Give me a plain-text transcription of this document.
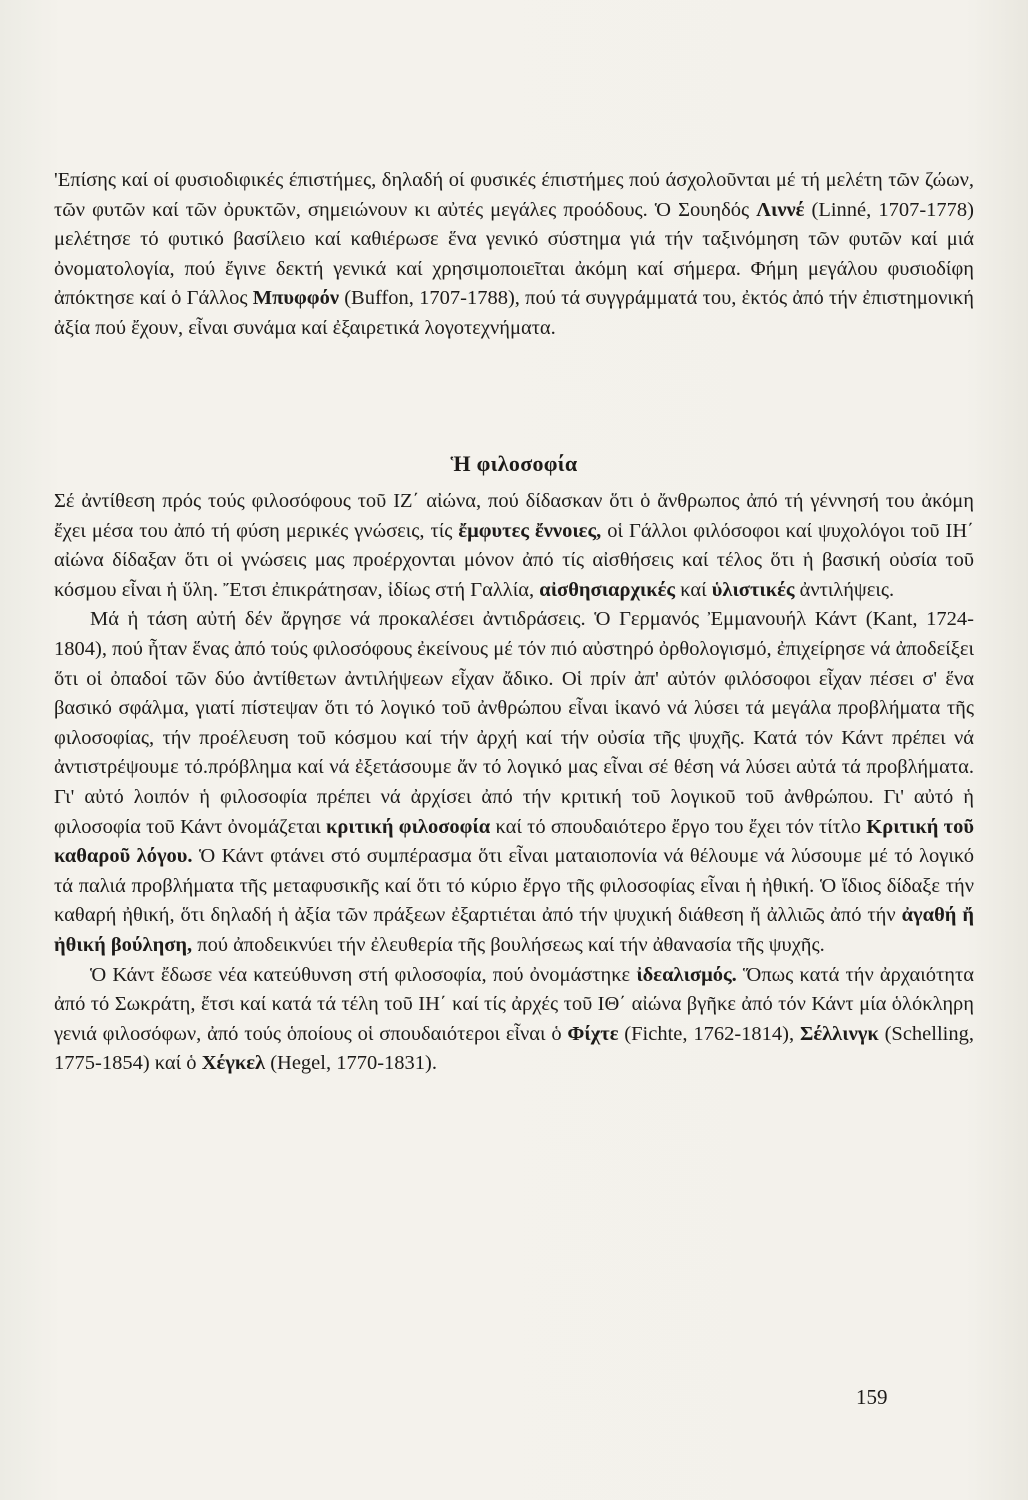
'Επίσης καί οί φυσιοδιφικές έπιστήμες, δηλαδή οί φυσικές έπιστήμες πού άσχολοῦνται μέ τή μελέτη τῶν ζώων, τῶν φυτῶν καί τῶν ὀρυκτῶν, σημειώνουν κι αὐτές μεγάλες προόδους. Ὁ Σουηδός Λιννέ (Linné, 1707-1778) μελέτησε τό φυτικό βασίλειο καί καθιέρωσε ἕνα γενικό σύστημα γιά τήν ταξινόμηση τῶν φυτῶν καί μιά ὀνοματολογία, πού ἔγινε δεκτή γενικά καί χρησιμοποιεῖται ἀκόμη καί σήμερα. Φήμη μεγάλου φυσιοδίφη ἀπόκτησε καί ὁ Γάλλος Μπυφφόν (Buffon, 1707-1788), πού τά συγγράμματά του, ἐκτός ἀπό τήν ἐπιστημονική ἀξία πού ἔχουν, εἶναι συνάμα καί ἐξαιρετικά λογοτεχνήματα.

Ἡ φιλοσοφία

Σέ ἀντίθεση πρός τούς φιλοσόφους τοῦ ΙΖ΄ αἰώνα, πού δίδασκαν ὅτι ὁ ἄνθρωπος ἀπό τή γέννησή του ἀκόμη ἔχει μέσα του ἀπό τή φύση μερικές γνώσεις, τίς ἔμφυτες ἔννοιες, οἱ Γάλλοι φιλόσοφοι καί ψυχολόγοι τοῦ ΙΗ΄ αἰώνα δίδαξαν ὅτι οἱ γνώσεις μας προέρχονται μόνον ἀπό τίς αἰσθήσεις καί τέλος ὅτι ἡ βασική οὐσία τοῦ κόσμου εἶναι ἡ ὕλη. Ἔτσι ἐπικράτησαν, ἰδίως στή Γαλλία, αἰσθησιαρχικές καί ὑλιστικές ἀντιλήψεις.

Μά ἡ τάση αὐτή δέν ἄργησε νά προκαλέσει ἀντιδράσεις. Ὁ Γερμανός Ἐμμανουήλ Κάντ (Kant, 1724-1804), πού ἦταν ἕνας ἀπό τούς φιλοσόφους ἐκείνους μέ τόν πιό αὐστηρό ὀρθολογισμό, ἐπιχείρησε νά ἀποδείξει ὅτι οἱ ὀπαδοί τῶν δύο ἀντίθετων ἀντιλήψεων εἶχαν ἄδικο. Οἱ πρίν ἀπ' αὐτόν φιλόσοφοι εἶχαν πέσει σ' ἕνα βασικό σφάλμα, γιατί πίστεψαν ὅτι τό λογικό τοῦ ἀνθρώπου εἶναι ἱκανό νά λύσει τά μεγάλα προβλήματα τῆς φιλοσοφίας, τήν προέλευση τοῦ κόσμου καί τήν ἀρχή καί τήν οὐσία τῆς ψυχῆς. Κατά τόν Κάντ πρέπει νά ἀντιστρέψουμε τό.πρόβλημα καί νά ἐξετάσουμε ἄν τό λογικό μας εἶναι σέ θέση νά λύσει αὐτά τά προβλήματα. Γι' αὐτό λοιπόν ἡ φιλοσοφία πρέπει νά ἀρχίσει ἀπό τήν κριτική τοῦ λογικοῦ τοῦ ἀνθρώπου. Γι' αὐτό ἡ φιλοσοφία τοῦ Κάντ ὀνομάζεται κριτική φιλοσοφία καί τό σπουδαιότερο ἔργο του ἔχει τόν τίτλο Κριτική τοῦ καθαροῦ λόγου. Ὁ Κάντ φτάνει στό συμπέρασμα ὅτι εἶναι ματαιοπονία νά θέλουμε νά λύσουμε μέ τό λογικό τά παλιά προβλήματα τῆς μεταφυσικῆς καί ὅτι τό κύριο ἔργο τῆς φιλοσοφίας εἶναι ἡ ἠθική. Ὁ ἴδιος δίδαξε τήν καθαρή ἠθική, ὅτι δηλαδή ἡ ἀξία τῶν πράξεων ἐξαρτιέται ἀπό τήν ψυχική διάθεση ἤ ἀλλιῶς ἀπό τήν ἀγαθή ἤ ἠθική βούληση, πού ἀποδεικνύει τήν ἐλευθερία τῆς βουλήσεως καί τήν ἀθανασία τῆς ψυχῆς.

Ὁ Κάντ ἔδωσε νέα κατεύθυνση στή φιλοσοφία, πού ὀνομάστηκε ἰδεαλισμός. Ὅπως κατά τήν ἀρχαιότητα ἀπό τό Σωκράτη, ἔτσι καί κατά τά τέλη τοῦ ΙΗ΄ καί τίς ἀρχές τοῦ ΙΘ΄ αἰώνα βγῆκε ἀπό τόν Κάντ μία ὁλόκληρη γενιά φιλοσόφων, ἀπό τούς ὁποίους οἱ σπουδαιότεροι εἶναι ὁ Φίχτε (Fichte, 1762-1814), Σέλλινγκ (Schelling, 1775-1854) καί ὁ Χέγκελ (Hegel, 1770-1831).

159
